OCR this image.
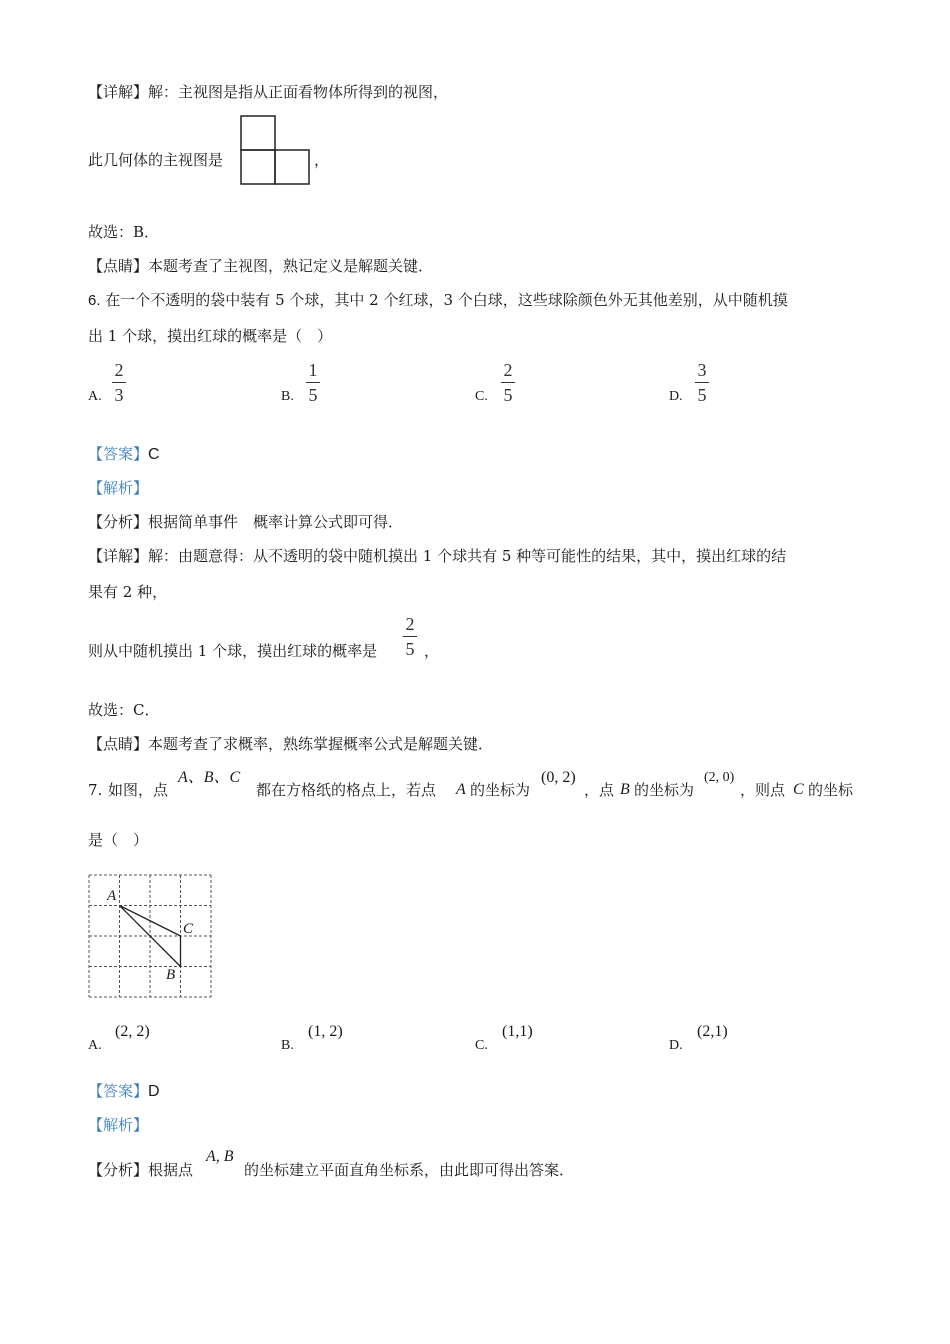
【详解】解：主视图是指从正面看物体所得到的视图，
此几何体的主视图是	，
故选：B．
【点睛】本题考查了主视图，熟记定义是解题关键．
6. 在一个不透明的袋中装有 5 个球，其中 2 个红球，3 个白球，这些球除颜色外无其他差别，从中随机摸
出 1 个球，摸出红球的概率是（　）
A.
2
3	B.
1
5	C.
2
5	D.
3
5
【答案】C
【解析】
【分析】根据简单事件　概率计算公式即可得．
【详解】解：由题意得：从不透明的袋中随机摸出 1 个球共有 5 种等可能性的结果，其中，摸出红球的结
果有 2 种，
则从中随机摸出 1 个球，摸出红球的概率是
2
5 ，
故选：C．
【点睛】本题考查了求概率，熟练掌握概率公式是解题关键．
7. 如图，点
A、B、C
都在方格纸的格点上，若点 A 的坐标为
(0, 2)
，点 B 的坐标为
(2, 0)
，则点 C 的坐标
是（　）
A
C
B
A.
(2, 2)
B.
(1, 2)
C.
(1,1)
D.
(2,1)
【答案】D
【解析】
【分析】根据点
A, B
的坐标建立平面直角坐标系，由此即可得出答案．
